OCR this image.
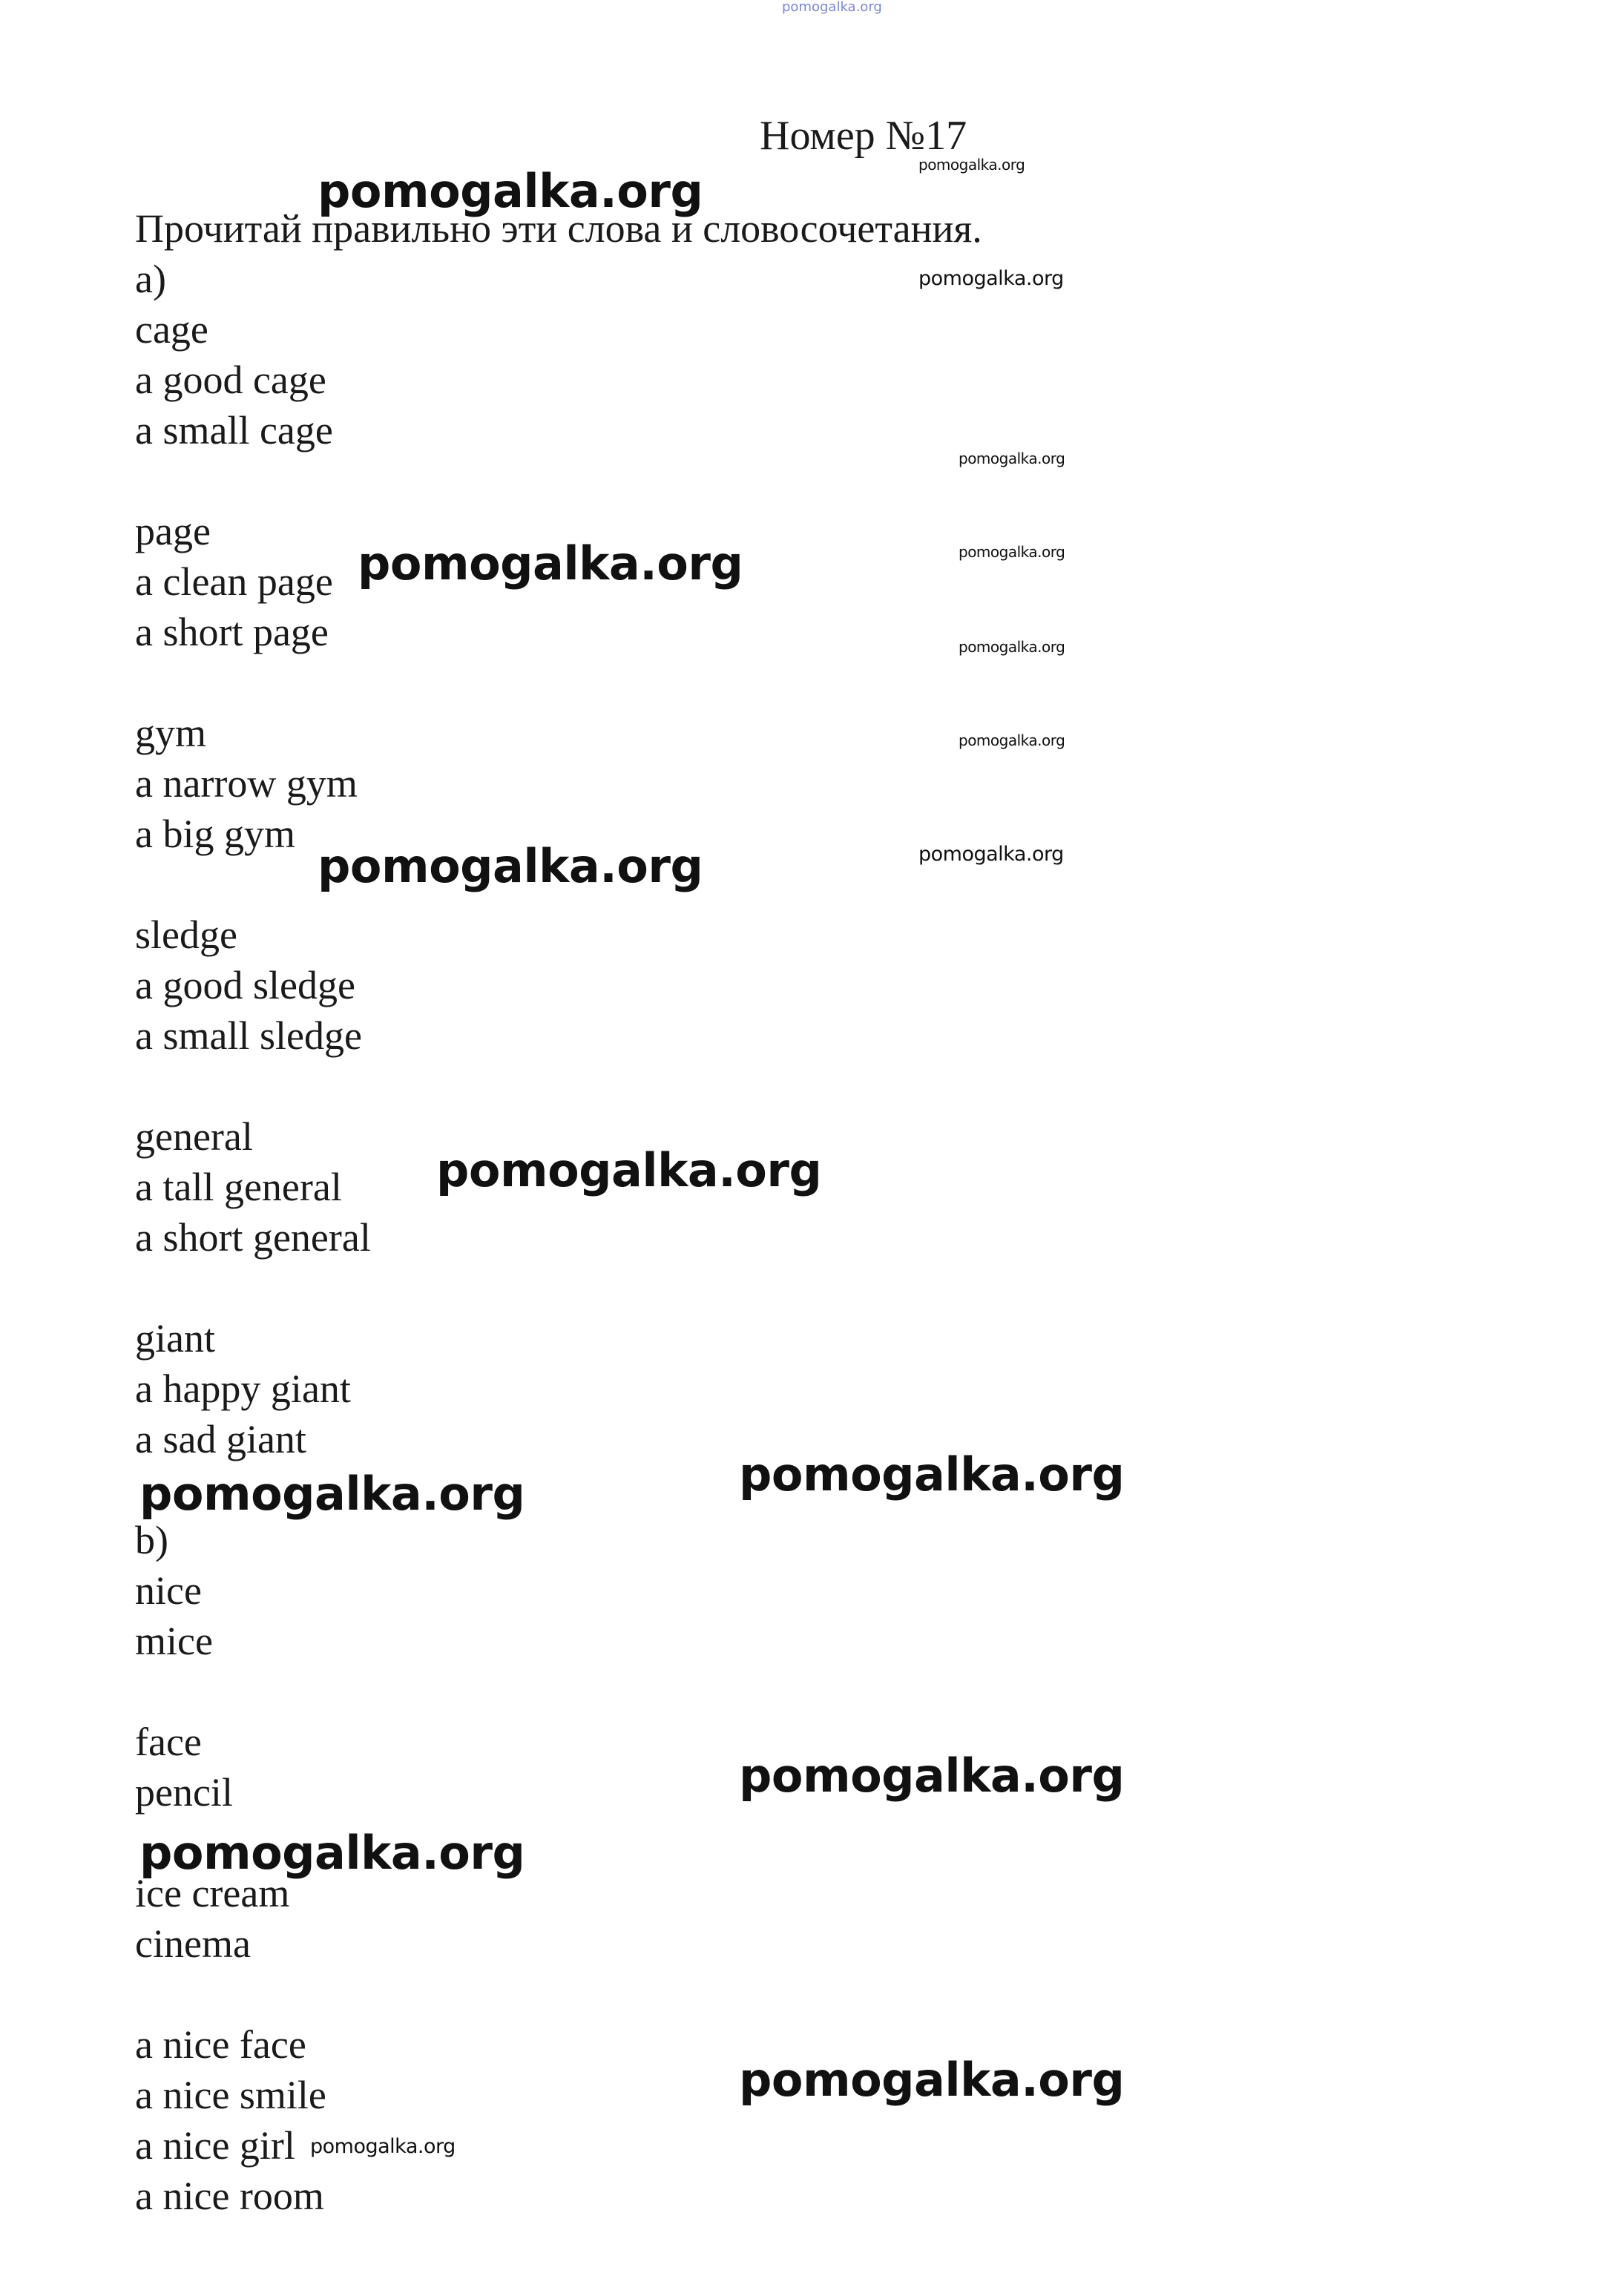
pomogalka.org
Номер №17
Прочитай правильно эти слова и словосочетания.
а)
cage
a good cage
a small cage
page
a clean page
a short page
gym
a narrow gym
a big gym
sledge
a good sledge
a small sledge
general
a tall general
a short general
giant
a happy giant
a sad giant
b)
nice
mice
face
pencil
ice cream
cinema
a nice face
a nice smile
a nice girl
a nice room
pomogalka.org	pomogalka.org
pomogalka.org
pomogalka.org
pomogalka.org
pomogalka.org
pomogalka.org
pomogalka.org
pomogalka.org
pomogalka.org
pomogalka.org
pomogalka.org	pomogalka.org
pomogalka.org
pomogalka.org
pomogalka.org
pomogalka.org
